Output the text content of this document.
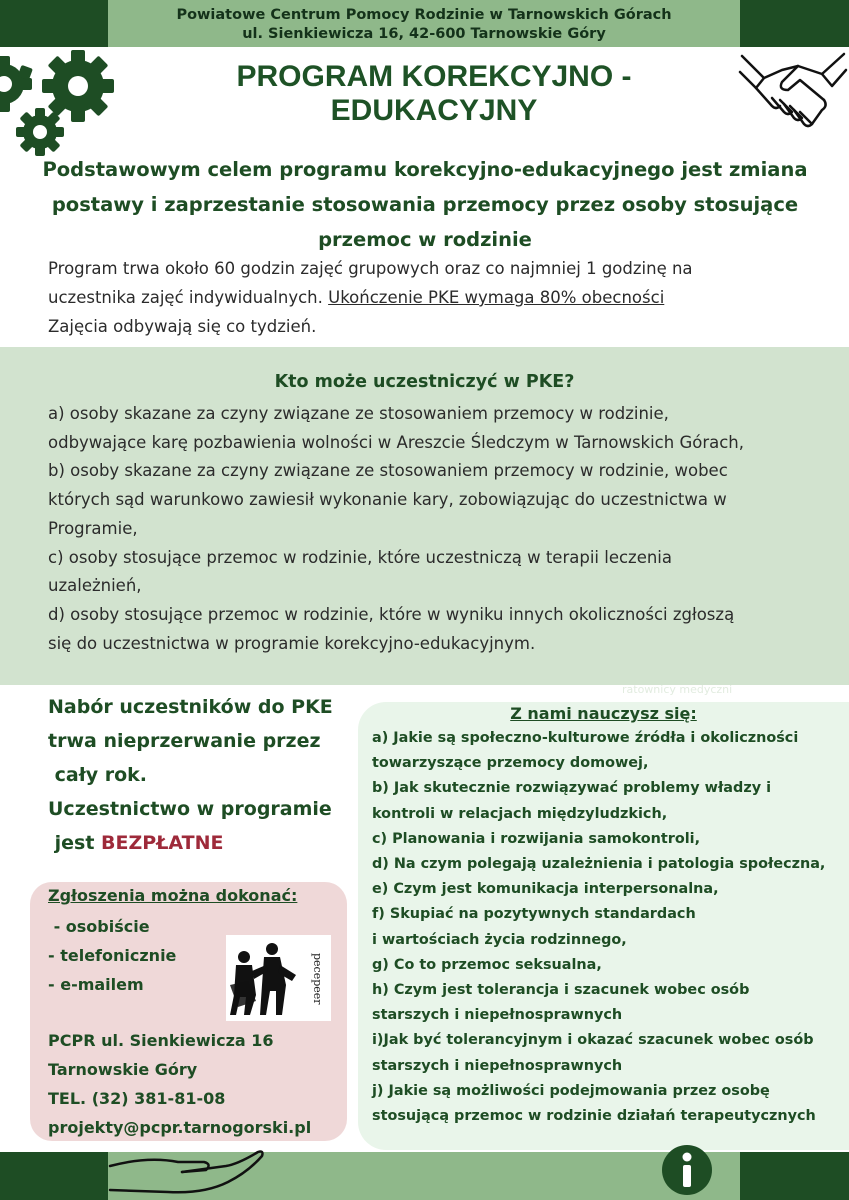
Powiatowe Centrum Pomocy Rodzinie w Tarnowskich Górach
ul. Sienkiewicza 16, 42-600 Tarnowskie Góry
PROGRAM KOREKCYJNO -
EDUKACYJNY
Podstawowym celem programu korekcyjno-edukacyjnego jest zmiana
postawy i zaprzestanie stosowania przemocy przez osoby stosujące
przemoc w rodzinie
Program trwa około 60 godzin zajęć grupowych oraz co najmniej 1 godzinę na
uczestnika zajęć indywidualnych. Ukończenie PKE wymaga 80% obecności
Zajęcia odbywają się co tydzień.
Kto może uczestniczyć w PKE?
a) osoby skazane za czyny związane ze stosowaniem przemocy w rodzinie,
odbywające karę pozbawienia wolności w Areszcie Śledczym w Tarnowskich Górach,
b) osoby skazane za czyny związane ze stosowaniem przemocy w rodzinie, wobec
których sąd warunkowo zawiesił wykonanie kary, zobowiązując do uczestnictwa w
Programie,
c) osoby stosujące przemoc w rodzinie, które uczestniczą w terapii leczenia
uzależnień,
d) osoby stosujące przemoc w rodzinie, które w wyniku innych okoliczności zgłoszą
się do uczestnictwa w programie korekcyjno-edukacyjnym.
ratownicy medyczni
Nabór uczestników do PKE
trwa nieprzerwanie przez
cały rok.
Uczestnictwo w programie
jest BEZPŁATNE
Zgłoszenia można dokonać:
- osobiście
- telefonicznie
- e-mailem	pecepeer
PCPR ul. Sienkiewicza 16
Tarnowskie Góry
TEL. (32) 381-81-08
projekty@pcpr.tarnogorski.pl
Z nami nauczysz się:
a) Jakie są społeczno-kulturowe źródła i okoliczności
towarzyszące przemocy domowej,
b) Jak skutecznie rozwiązywać problemy władzy i
kontroli w relacjach międzyludzkich,
c) Planowania i rozwijania samokontroli,
d) Na czym polegają uzależnienia i patologia społeczna,
e) Czym jest komunikacja interpersonalna,
f) Skupiać na pozytywnych standardach
i wartościach życia rodzinnego,
g) Co to przemoc seksualna,
h) Czym jest tolerancja i szacunek wobec osób
starszych i niepełnosprawnych
i)Jak być tolerancyjnym i okazać szacunek wobec osób
starszych i niepełnosprawnych
j) Jakie są możliwości podejmowania przez osobę
stosującą przemoc w rodzinie działań terapeutycznych
